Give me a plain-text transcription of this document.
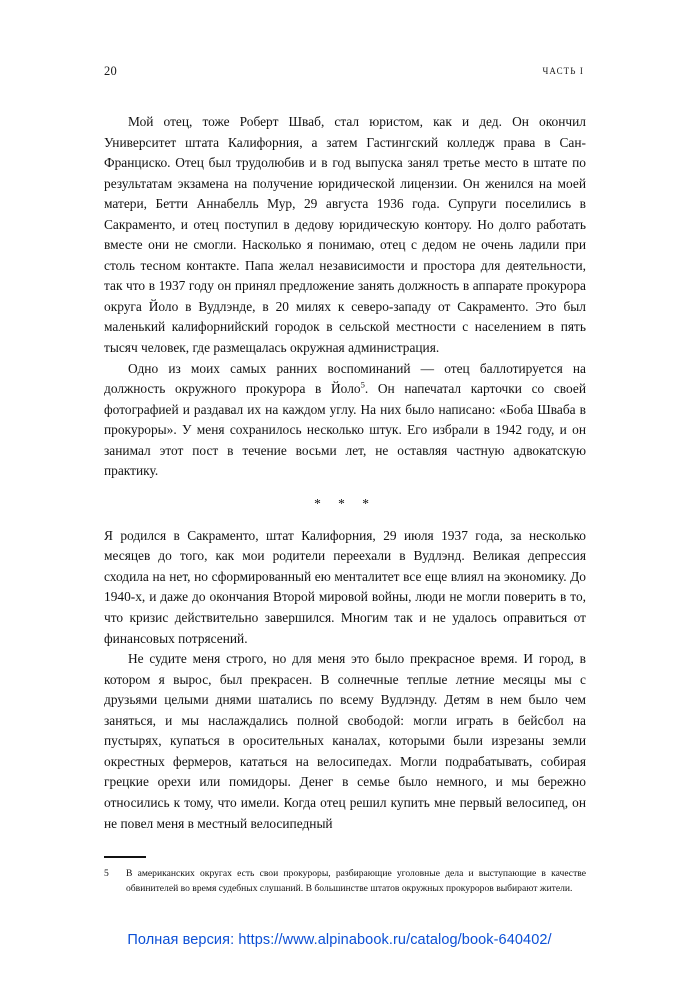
20	ЧАСТЬ I

Мой отец, тоже Роберт Шваб, стал юристом, как и дед. Он окончил Университет штата Калифорния, а затем Гастингский колледж права в Сан-Франциско. Отец был трудолюбив и в год выпуска занял третье место в штате по результатам экзамена на получение юридической лицензии. Он женился на моей матери, Бетти Аннабелль Мур, 29 августа 1936 года. Супруги поселились в Сакраменто, и отец поступил в дедову юридическую контору. Но долго работать вместе они не смогли. Насколько я понимаю, отец с дедом не очень ладили при столь тесном контакте. Папа желал независимости и простора для деятельности, так что в 1937 году он принял предложение занять должность в аппарате прокурора округа Йоло в Вудлэнде, в 20 милях к северо-западу от Сакраменто. Это был маленький калифорнийский городок в сельской местности с населением в пять тысяч человек, где размещалась окружная администрация.

Одно из моих самых ранних воспоминаний — отец баллотируется на должность окружного прокурора в Йоло$^5$. Он напечатал карточки со своей фотографией и раздавал их на каждом углу. На них было написано: «Боба Шваба в прокуроры». У меня сохранилось несколько штук. Его избрали в 1942 году, и он занимал этот пост в течение восьми лет, не оставляя частную адвокатскую практику.

* * *

Я родился в Сакраменто, штат Калифорния, 29 июля 1937 года, за несколько месяцев до того, как мои родители переехали в Вудлэнд. Великая депрессия сходила на нет, но сформированный ею менталитет все еще влиял на экономику. До 1940-х, и даже до окончания Второй мировой войны, люди не могли поверить в то, что кризис действительно завершился. Многим так и не удалось оправиться от финансовых потрясений.

Не судите меня строго, но для меня это было прекрасное время. И город, в котором я вырос, был прекрасен. В солнечные теплые летние месяцы мы с друзьями целыми днями шатались по всему Вудлэнду. Детям в нем было чем заняться, и мы наслаждались полной свободой: могли играть в бейсбол на пустырях, купаться в оросительных каналах, которыми были изрезаны земли окрестных фермеров, кататься на велосипедах. Могли подрабатывать, собирая грецкие орехи или помидоры. Денег в семье было немного, и мы бережно относились к тому, что имели. Когда отец решил купить мне первый велосипед, он не повел меня в местный велосипедный

5	В американских округах есть свои прокуроры, разбирающие уголовные дела и выступающие в качестве обвинителей во время судебных слушаний. В большинстве штатов окружных прокуроров выбирают жители.
Полная версия: https://www.alpinabook.ru/catalog/book-640402/
